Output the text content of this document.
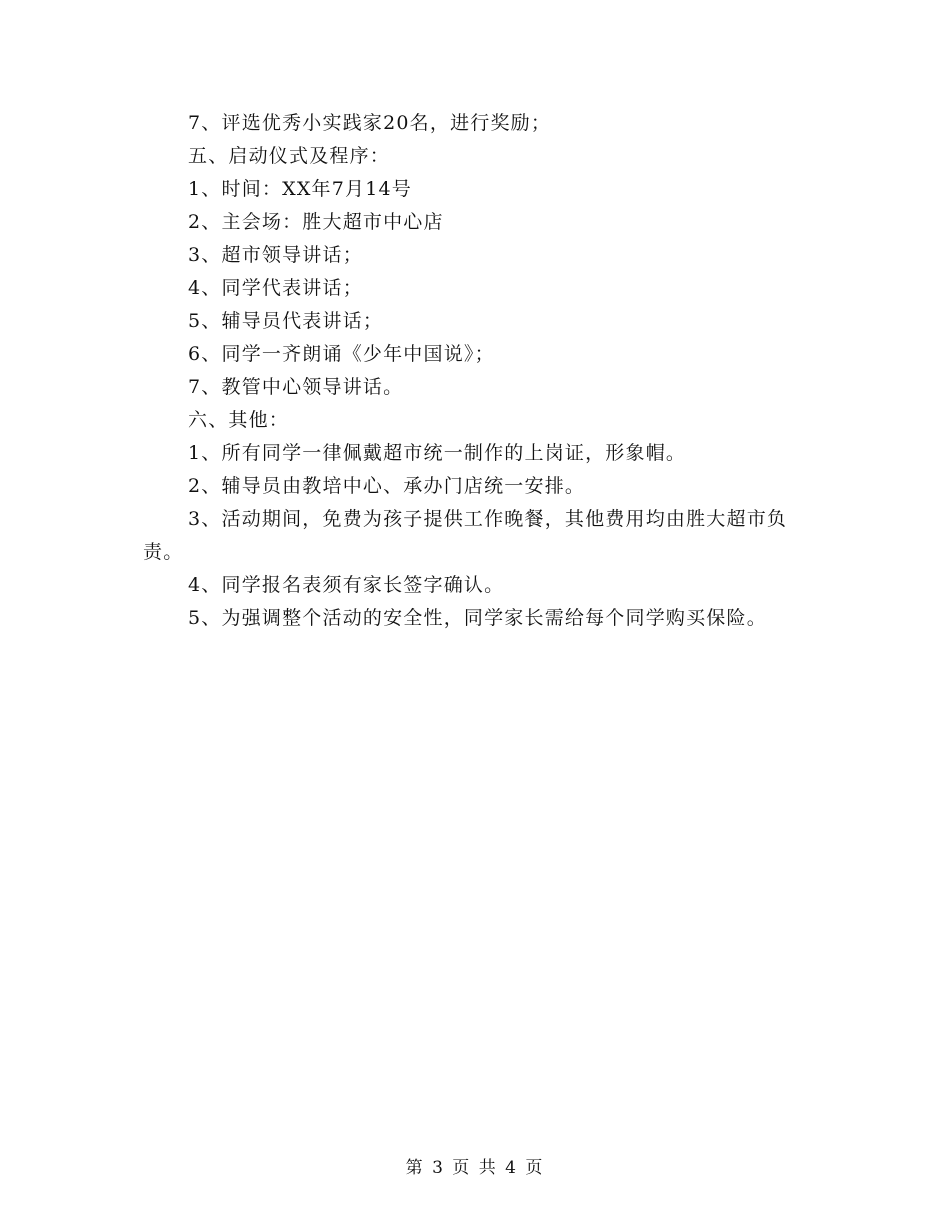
7、评选优秀小实践家20名，进行奖励；

五、启动仪式及程序：

1、时间：XX年7月14号

2、主会场：胜大超市中心店

3、超市领导讲话；

4、同学代表讲话；

5、辅导员代表讲话；

6、同学一齐朗诵《少年中国说》；

7、教管中心领导讲话。

六、其他：

1、所有同学一律佩戴超市统一制作的上岗证，形象帽。

2、辅导员由教培中心、承办门店统一安排。

3、活动期间，免费为孩子提供工作晚餐，其他费用均由胜大超市负责。

4、同学报名表须有家长签字确认。

5、为强调整个活动的安全性，同学家长需给每个同学购买保险。

第 3 页 共 4 页
